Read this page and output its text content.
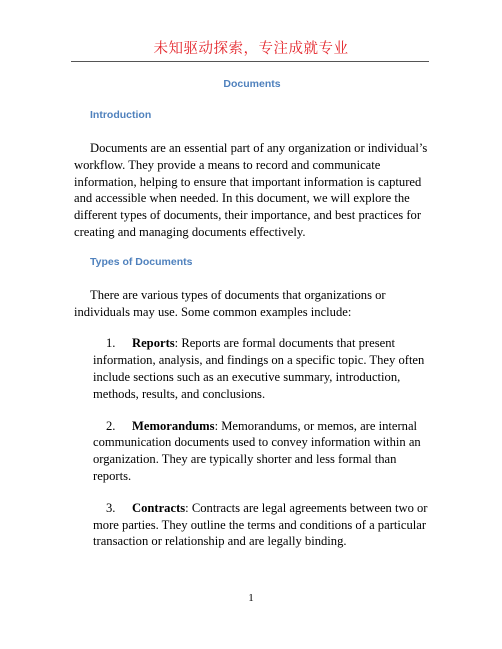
未知驱动探索，专注成就专业

Documents

Introduction

Documents are an essential part of any organization or individual’s workflow. They provide a means to record and communicate information, helping to ensure that important information is captured and accessible when needed. In this document, we will explore the different types of documents, their importance, and best practices for creating and managing documents effectively.

Types of Documents

There are various types of documents that organizations or individuals may use. Some common examples include:

1. Reports: Reports are formal documents that present information, analysis, and findings on a specific topic. They often include sections such as an executive summary, introduction, methods, results, and conclusions.
2. Memorandums: Memorandums, or memos, are internal communication documents used to convey information within an organization. They are typically shorter and less formal than reports.
3. Contracts: Contracts are legal agreements between two or more parties. They outline the terms and conditions of a particular transaction or relationship and are legally binding.

1
